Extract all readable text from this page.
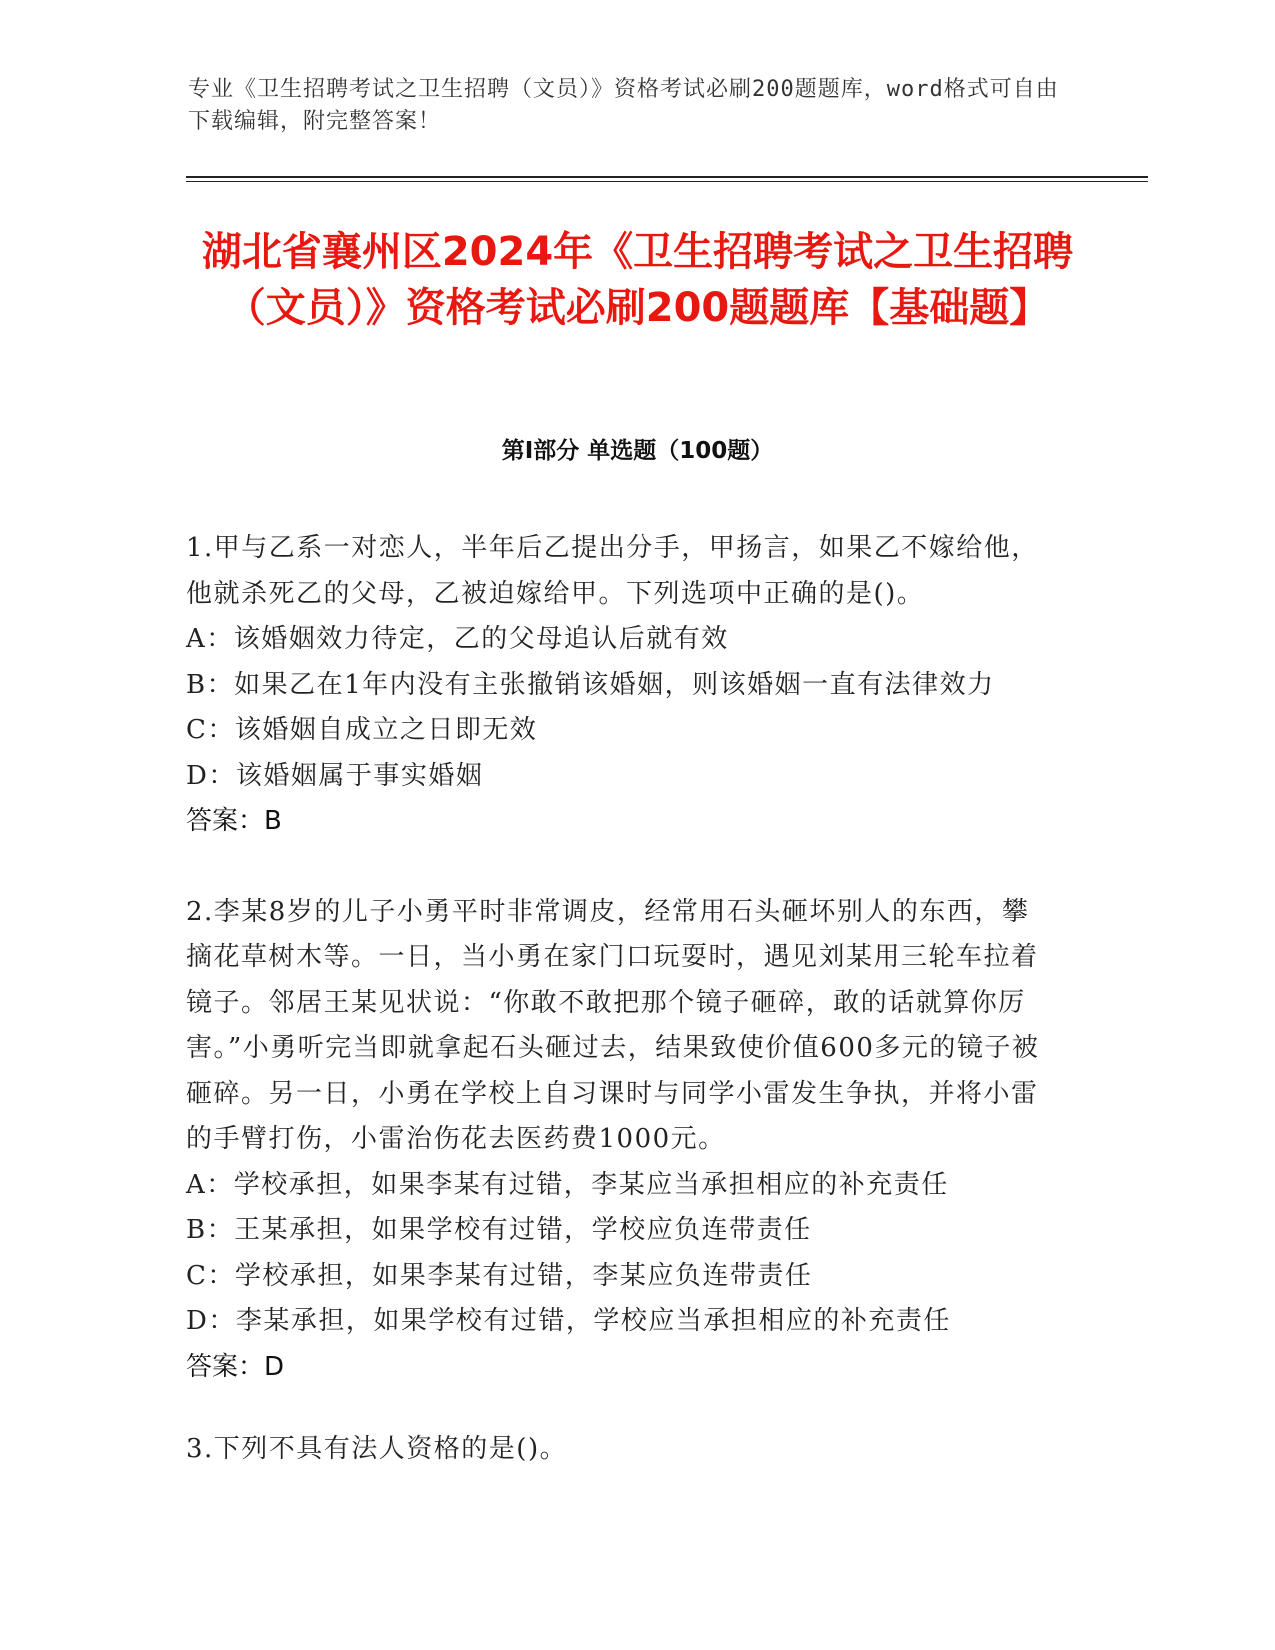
专业《卫生招聘考试之卫生招聘（文员）》资格考试必刷200题题库，word格式可自由下载编辑，附完整答案！
湖北省襄州区2024年《卫生招聘考试之卫生招聘（文员）》资格考试必刷200题题库【基础题】
第Ⅰ部分 单选题（100题）

1.甲与乙系一对恋人，半年后乙提出分手，甲扬言，如果乙不嫁给他，他就杀死乙的父母，乙被迫嫁给甲。下列选项中正确的是()。

A：该婚姻效力待定，乙的父母追认后就有效

B：如果乙在1年内没有主张撤销该婚姻，则该婚姻一直有法律效力

C：该婚姻自成立之日即无效

D：该婚姻属于事实婚姻

答案：B

2.李某8岁的儿子小勇平时非常调皮，经常用石头砸坏别人的东西，攀摘花草树木等。一日，当小勇在家门口玩耍时，遇见刘某用三轮车拉着镜子。邻居王某见状说：“你敢不敢把那个镜子砸碎，敢的话就算你厉害。”小勇听完当即就拿起石头砸过去，结果致使价值600多元的镜子被砸碎。另一日，小勇在学校上自习课时与同学小雷发生争执，并将小雷的手臂打伤，小雷治伤花去医药费1000元。

A：学校承担，如果李某有过错，李某应当承担相应的补充责任

B：王某承担，如果学校有过错，学校应负连带责任

C：学校承担，如果李某有过错，李某应负连带责任

D：李某承担，如果学校有过错，学校应当承担相应的补充责任

答案：D

3.下列不具有法人资格的是()。
